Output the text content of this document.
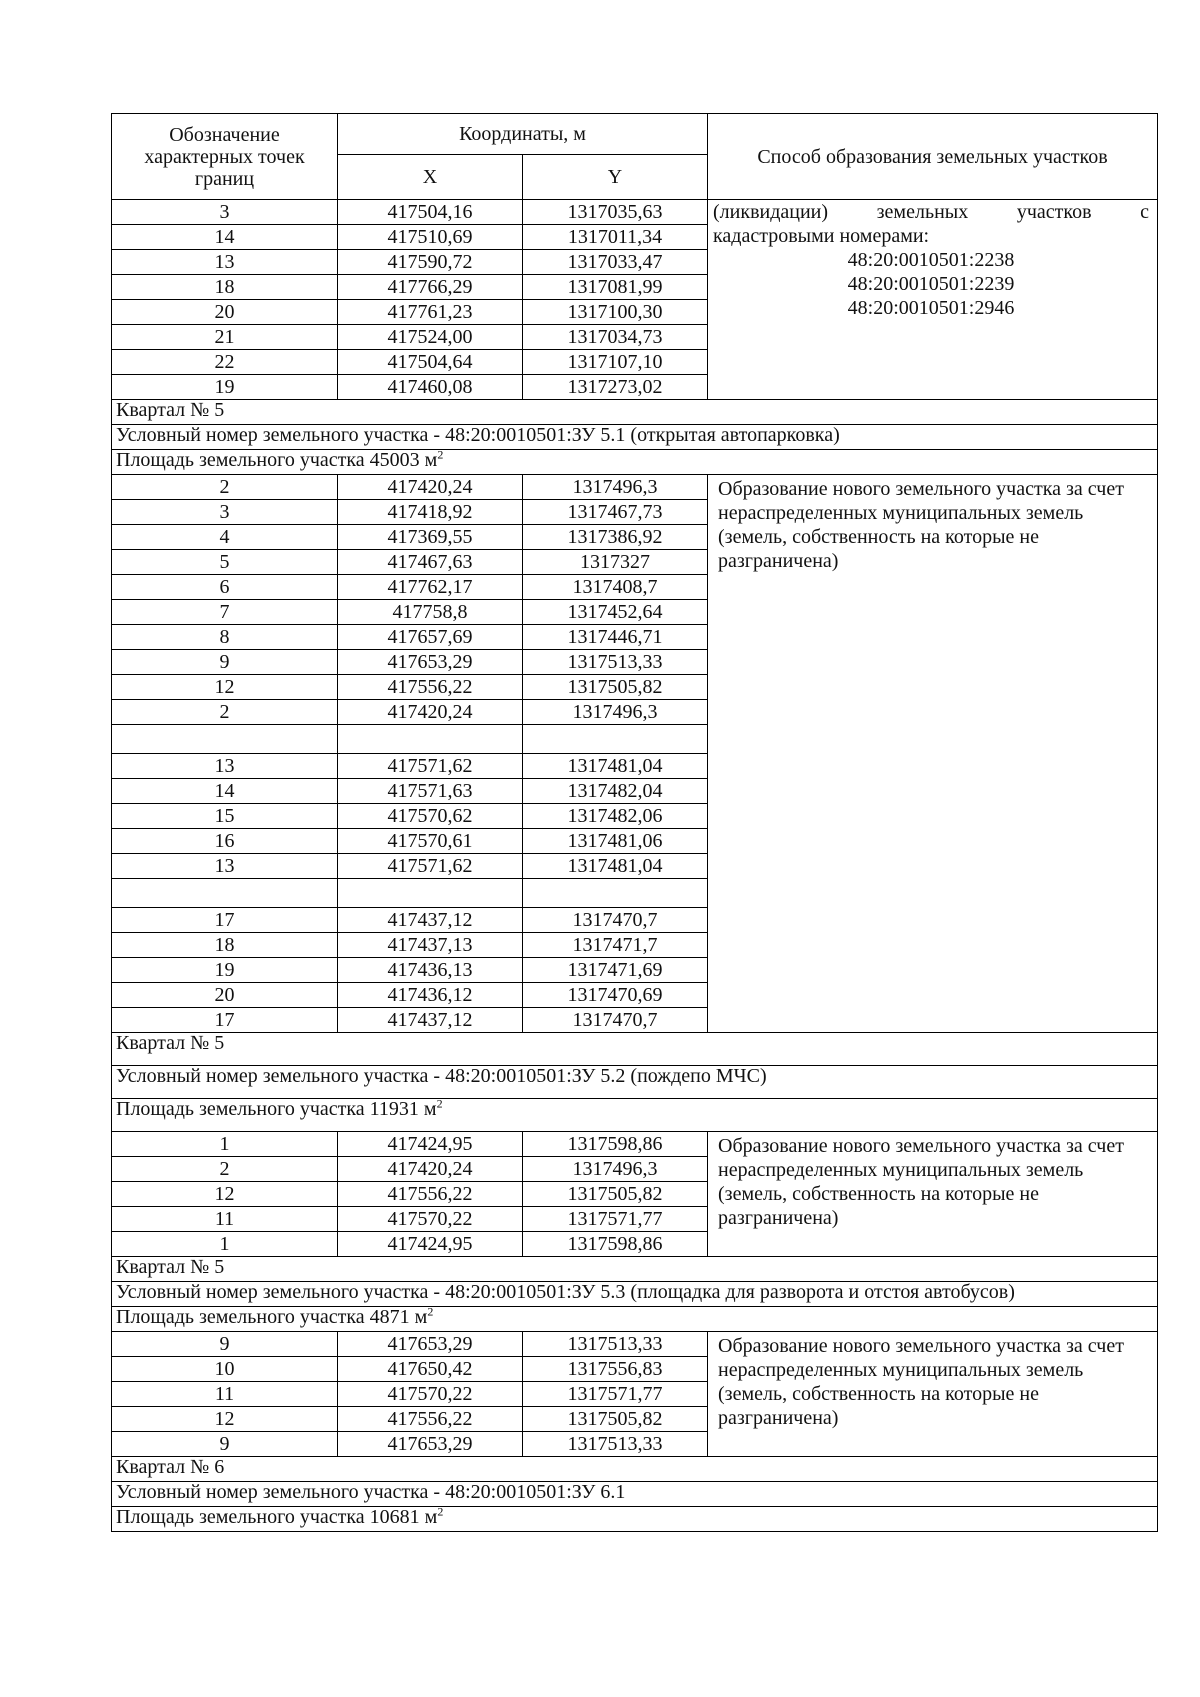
Обозначение характерных точек границ	Координаты, м		Способ образования земельных участков
	X	Y	
3	417504,16	1317035,63	(ликвидации) земельных участков с
кадастровыми номерами:
48:20:0010501:2238
48:20:0010501:2239
48:20:0010501:2946

14	417510,69	1317011,34	
13	417590,72	1317033,47	
18	417766,29	1317081,99	
20	417761,23	1317100,30	
21	417524,00	1317034,73	
22	417504,64	1317107,10	
19	417460,08	1317273,02	
Квартал № 5			
Условный номер земельного участка - 48:20:0010501:ЗУ 5.1 (открытая автопарковка)			
Площадь земельного участка 45003 $м^2$
2	417420,24	1317496,3	Образование нового земельного участка за счет нераспределенных муниципальных земель (земель, собственность на которые не разграничена)
3	417418,92	1317467,73	
4	417369,55	1317386,92	
5	417467,63	1317327	
6	417762,17	1317408,7	
7	417758,8	1317452,64	
8	417657,69	1317446,71	
9	417653,29	1317513,33	
12	417556,22	1317505,82	
2	417420,24	1317496,3	

13	417571,62	1317481,04	
14	417571,63	1317482,04	
15	417570,62	1317482,06	
16	417570,61	1317481,06	
13	417571,62	1317481,04	

17	417437,12	1317470,7	
18	417437,13	1317471,7	
19	417436,13	1317471,69	
20	417436,12	1317470,69	
17	417437,12	1317470,7	
Квартал № 5			
Условный номер земельного участка - 48:20:0010501:ЗУ 5.2 (пождепо МЧС)			
Площадь земельного участка 11931 $м^2$
1	417424,95	1317598,86	Образование нового земельного участка за счет нераспределенных муниципальных земель (земель, собственность на которые не разграничена)
2	417420,24	1317496,3	
12	417556,22	1317505,82	
11	417570,22	1317571,77	
1	417424,95	1317598,86	
Квартал № 5			
Условный номер земельного участка - 48:20:0010501:ЗУ 5.3 (площадка для разворота и отстоя автобусов)			
Площадь земельного участка 4871 $м^2$
9	417653,29	1317513,33	Образование нового земельного участка за счет нераспределенных муниципальных земель (земель, собственность на которые не разграничена)
10	417650,42	1317556,83	
11	417570,22	1317571,77	
12	417556,22	1317505,82	
9	417653,29	1317513,33	
Квартал № 6			
Условный номер земельного участка - 48:20:0010501:ЗУ 6.1			
Площадь земельного участка 10681 $м^2$
